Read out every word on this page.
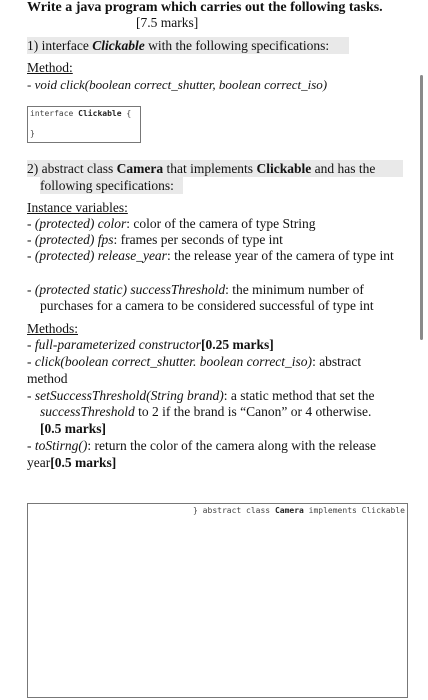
Write a java program which carries out the following tasks.
[7.5 marks]
1) interface Clickable with the following specifications:
Method:
- void click(boolean correct_shutter, boolean correct_iso)
interface Clickable {
}
2) abstract class Camera that implements Clickable and has the
following specifications:
Instance variables:
- (protected) color: color of the camera of type String
- (protected) fps: frames per seconds of type int
- (protected) release_year: the release year of the camera of type int
- (protected static) successThreshold: the minimum number of purchases for a camera to be considered successful of type int
Methods:
- full-parameterized constructor[0.25 marks]
- click(boolean correct_shutter. boolean correct_iso): abstract
method
- setSuccessThreshold(String brand): a static method that set the
successThreshold to 2 if the brand is “Canon” or 4 otherwise.
[0.5 marks]
- toStirng(): return the color of the camera along with the release
year[0.5 marks]
} abstract class Camera implements Clickable
